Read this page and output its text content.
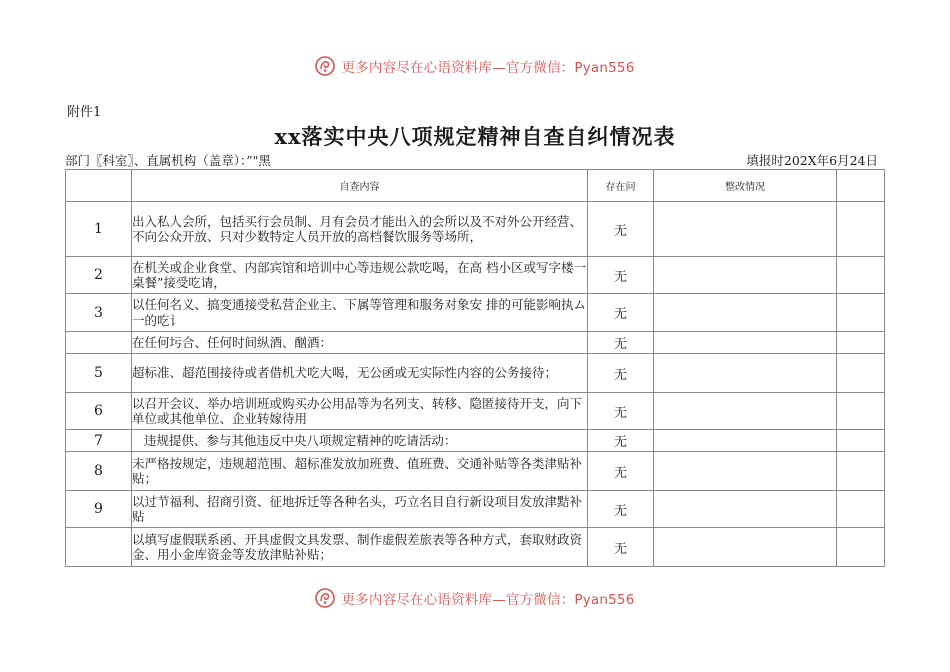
更多内容尽在心语资料库—官方微信：Pyan556
附件1
xx落实中央八项规定精神自查自纠情况表
部门〖科室〗、直属机构（盖章）：”"黑	填报时202X年6月24日
	自查内容	存在问	整改情况	
1	出入私人会所，包括买行会员制、月有会员才能出入的会所以及不对外公开经营、不向公众开放、只对少数特定人员开放的高档餐饮服务等场所，	无		
2	在机关或企业食堂、内部宾馆和培训中心等违规公款吃喝，在高 档小区或写字楼一桌餐”接受吃请，	无		
3	以任何名义、搞变通接受私营企业主、下属等管理和服务对象安 排的可能影响执ム一的吃讠	无		
	在任何圬合、任何时间纵酒、酗酒：	无		
5	超标准、超范围接待或者借机犬吃大喝，无公函或无实际性内容的公务接待；	无		
6	以召开会议、举办培训班或购买办公用品等为名列支、转移、隐匿接待开支，向下单位或其他单位、企业转嫁待用	无		
7	违规提供、参与其他违反中央八项规定精神的吃请活动：	无		
8	未严格按规定，违规超范围、超标准发放加班费、值班费、交通补贴等各类津贴补贴；	无		
9	以过节福利、招商引资、征地拆迁等各种名头，巧立名目自行新设项目发放津黠补贴	无		
	以填写虚假联系函、开具虚假文具发票、制作虚假差旅表等各种方式，套取财政资金、用小金库资金等发放津贴补贴；	无		
更多内容尽在心语资料库—官方微信：Pyan556
